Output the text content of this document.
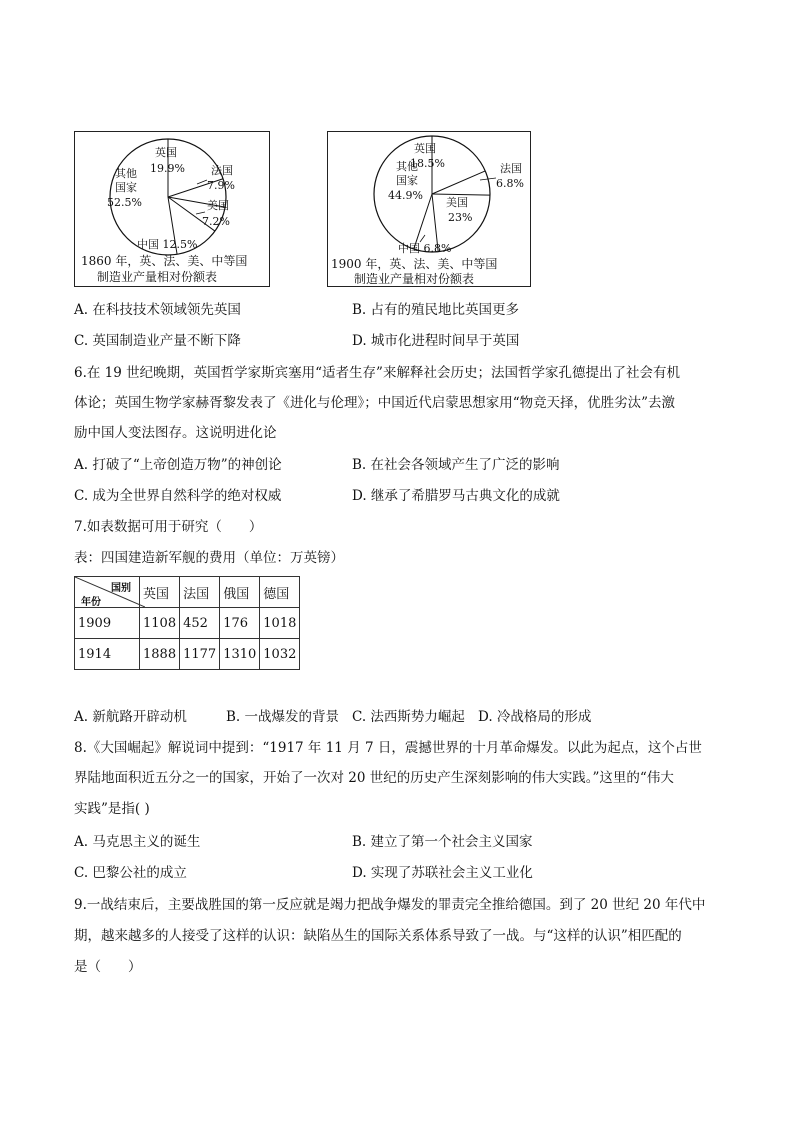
英国
19.9% 法国
7.9%
美国
7.2%
中国 12.5%
其他
国家
52.5%
1860 年，英、法、美、中等国
制造业产量相对份额表
英国
18.5%	法国
6.8%
美国
23%
中国 6.8%
其他
国家
44.9%
1900 年，英、法、美、中等国
制造业产量相对份额表
A. 在科技技术领域领先英国	B. 占有的殖民地比英国更多
C. 英国制造业产量不断下降	D. 城市化进程时间早于英国
6.在 19 世纪晚期，英国哲学家斯宾塞用“适者生存”来解释社会历史；法国哲学家孔德提出了社会有机
体论；英国生物学家赫胥黎发表了《进化与伦理》；中国近代启蒙思想家用“物竞天择，优胜劣汰”去激
励中国人变法图存。这说明进化论
A. 打破了“上帝创造万物”的神创论	B. 在社会各领域产生了广泛的影响
C. 成为全世界自然科学的绝对权威	D. 继承了希腊罗马古典文化的成就
7.如表数据可用于研究（　　）
表：四国建造新军舰的费用（单位：万英镑）
国别
年份	英国	法国	俄国	德国
1909	1108	452	176	1018
1914	1888	1177	1310	1032
A. 新航路开辟动机	B. 一战爆发的背景 C. 法西斯势力崛起 D. 冷战格局的形成
8.《大国崛起》解说词中提到：“1917 年 11 月 7 日，震撼世界的十月革命爆发。以此为起点，这个占世
界陆地面积近五分之一的国家，开始了一次对 20 世纪的历史产生深刻影响的伟大实践。”这里的“伟大
实践”是指( )
A. 马克思主义的诞生	B. 建立了第一个社会主义国家
C. 巴黎公社的成立	D. 实现了苏联社会主义工业化
9.一战结束后，主要战胜国的第一反应就是竭力把战争爆发的罪责完全推给德国。到了 20 世纪 20 年代中
期，越来越多的人接受了这样的认识：缺陷丛生的国际关系体系导致了一战。与“这样的认识”相匹配的
是（　　）
